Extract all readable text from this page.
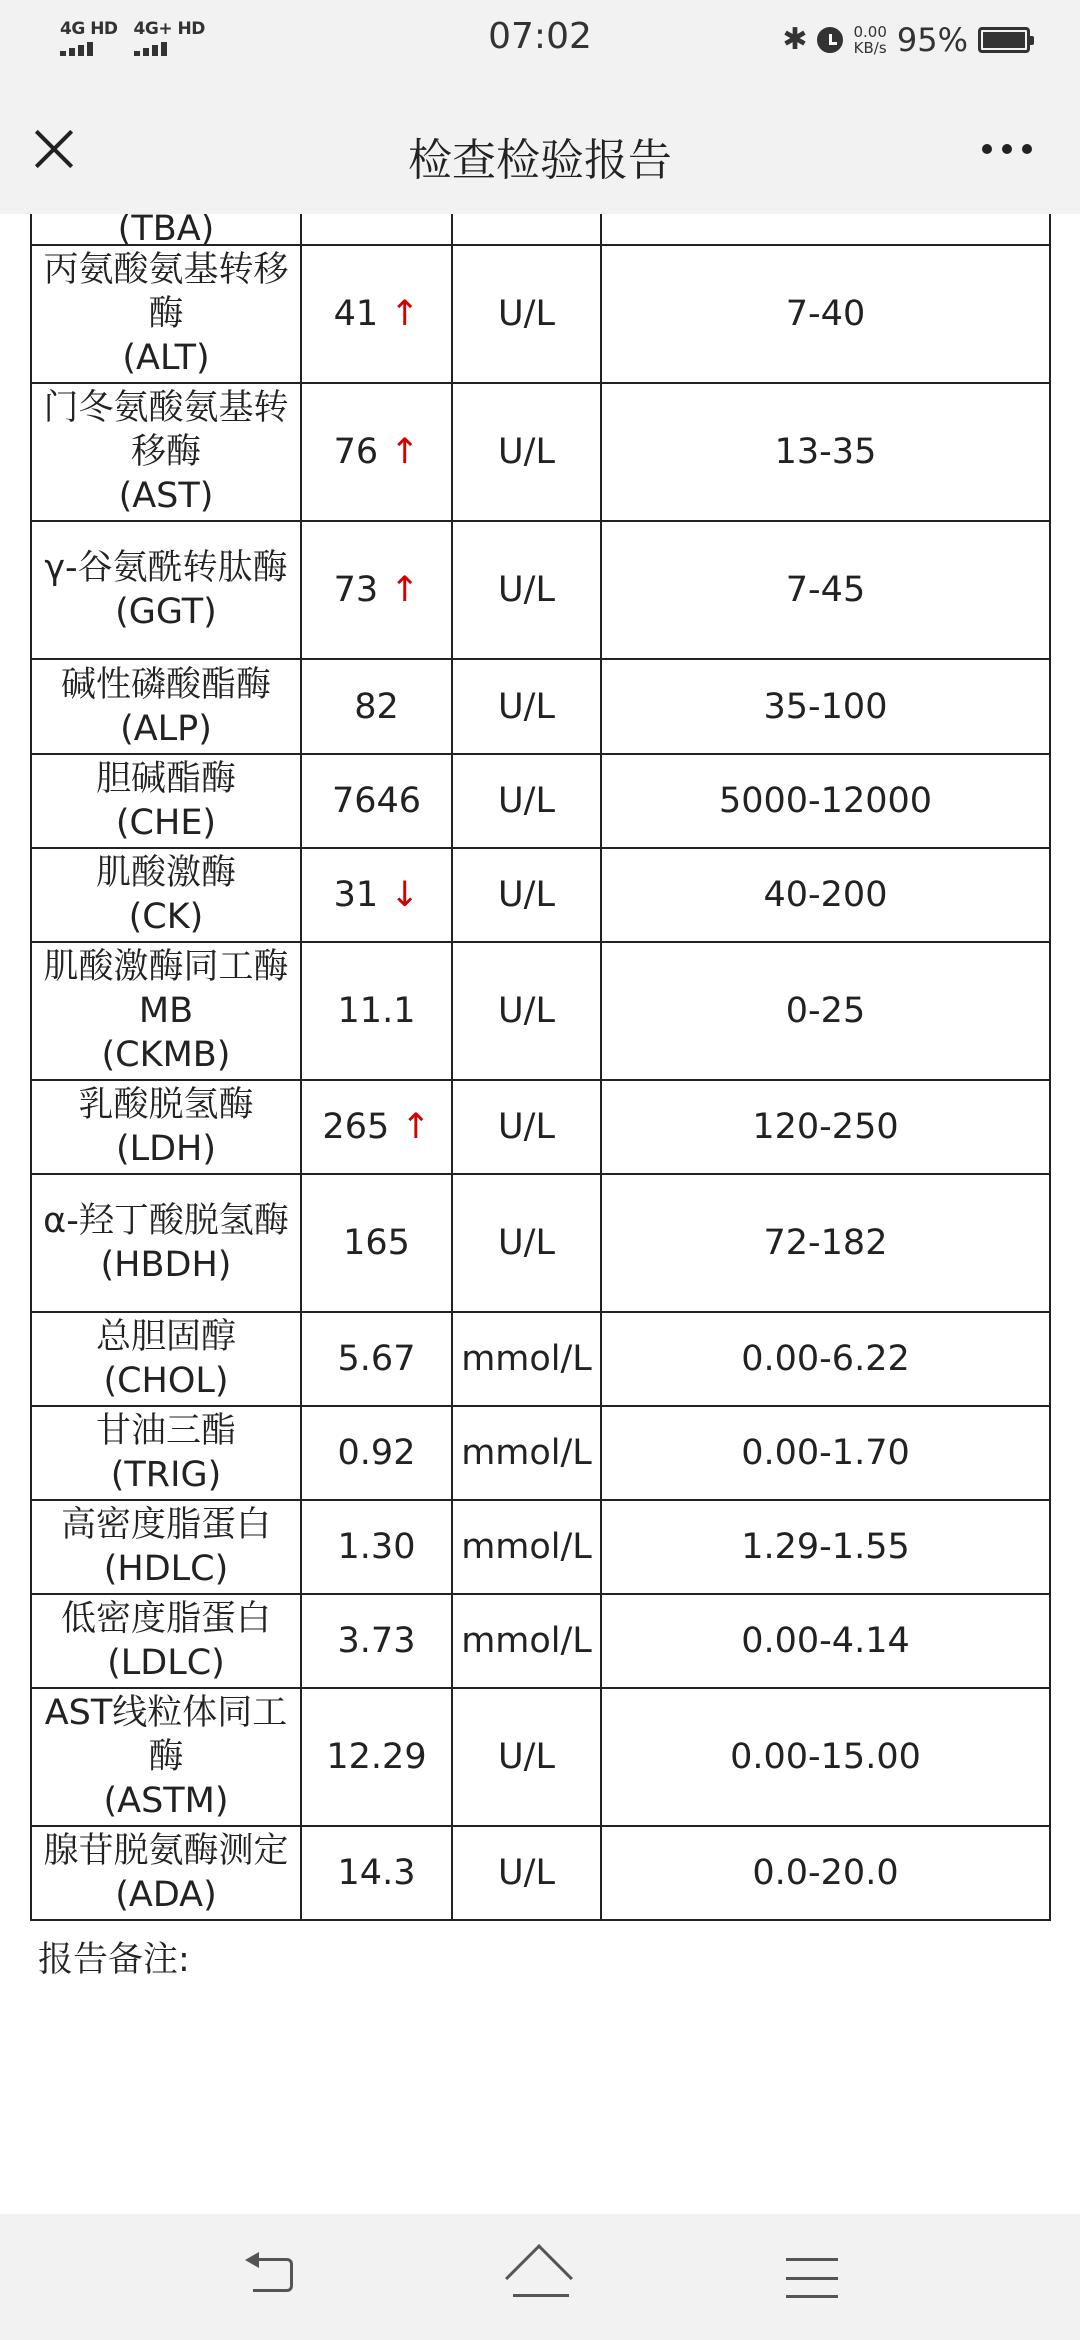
4G HD 4G+ HD	07:02	✱	0.00
KB/s 95%
检查检验报告
(TBA)			
丙氨酸氨基转移酶
(ALT)	41 ↑	U/L	7-40
门冬氨酸氨基转移酶
(AST)	76 ↑	U/L	13-35
γ-谷氨酰转肽酶
(GGT)	73 ↑	U/L	7-45
碱性磷酸酯酶
(ALP)	82	U/L	35-100
胆碱酯酶
(CHE)	7646	U/L	5000-12000
肌酸激酶
(CK)	31 ↓	U/L	40-200
肌酸激酶同工酶MB
(CKMB)	11.1	U/L	0-25
乳酸脱氢酶
(LDH)	265 ↑	U/L	120-250
α-羟丁酸脱氢酶
(HBDH)	165	U/L	72-182
总胆固醇
(CHOL)	5.67	mmol/L	0.00-6.22
甘油三酯
(TRIG)	0.92	mmol/L	0.00-1.70
高密度脂蛋白
(HDLC)	1.30	mmol/L	1.29-1.55
低密度脂蛋白
(LDLC)	3.73	mmol/L	0.00-4.14
AST线粒体同工酶
(ASTM)	12.29	U/L	0.00-15.00
腺苷脱氨酶测定
(ADA)	14.3	U/L	0.0-20.0
报告备注:
